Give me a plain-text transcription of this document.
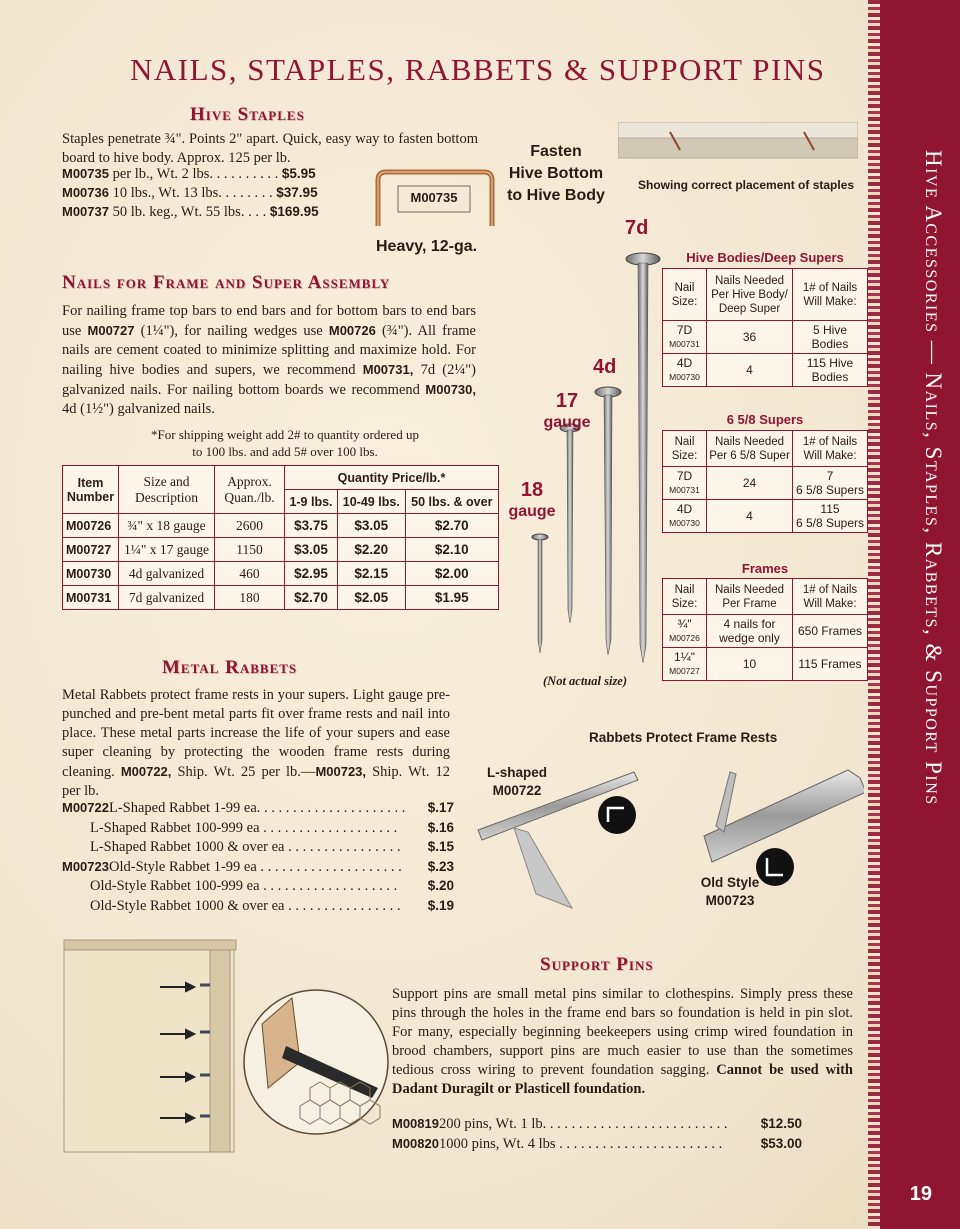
Hive Accessories — Nails, Staples, Rabbets, & Support Pins
19
NAILS, STAPLES, RABBETS & SUPPORT PINS
Hive Staples
Staples penetrate ¾". Points 2" apart. Quick, easy way to fasten bottom board to hive body. Approx. 125 per lb.
M00735 per lb., Wt. 2 lbs. . . . . . . . . . $5.95
M00736 10 lbs., Wt. 13 lbs. . . . . . . . $37.95
M00737 50 lb. keg., Wt. 55 lbs. . . . $169.95
M00735
Heavy, 12-ga.
Fasten
Hive Bottom
to Hive Body
Showing correct placement of staples
Nails for Frame and Super Assembly
For nailing frame top bars to end bars and for bottom bars to end bars use M00727 (1¼"), for nailing wedges use M00726 (¾"). All frame nails are cement coated to minimize splitting and maximize hold. For nailing hive bodies and supers, we recommend M00731, 7d (2¼") galvanized nails. For nailing bottom boards we recommend M00730, 4d (1½") galvanized nails.
*For shipping weight add 2# to quantity ordered up to 100 lbs. and add 5# over 100 lbs.
Item Number	Size and Description	Approx. Quan./lb.	Quantity Price/lb.*		
			1-9 lbs.	10-49 lbs.	50 lbs. & over
M00726	¾" x 18 gauge	2600	$3.75	$3.05	$2.70
M00727	1¼" x 17 gauge	1150	$3.05	$2.20	$2.10
M00730	4d galvanized	460	$2.95	$2.15	$2.00
M00731	7d galvanized	180	$2.70	$2.05	$1.95
7d
4d
17
gauge
18
gauge
(Not actual size)
Hive Bodies/Deep Supers
Nail Size:	Nails Needed Per Hive Body/ Deep Super	1# of Nails Will Make:
7D
M00731	36	5 Hive Bodies
4D
M00730	4	115 Hive Bodies
6 5/8 Supers
Nail Size:	Nails Needed Per 6 5/8 Super	1# of Nails Will Make:
7D
M00731	24	7
6 5/8 Supers
4D
M00730	4	115
6 5/8 Supers
Frames
Nail Size:	Nails Needed Per Frame	1# of Nails Will Make:
¾"
M00726	4 nails for wedge only	650 Frames
1¼"
M00727	10	115 Frames
Metal Rabbets
Metal Rabbets protect frame rests in your supers. Light gauge pre-punched and pre-bent metal parts fit over frame rests and nail into place. These metal parts increase the life of your supers and ease super cleaning by protecting the wooden frame rests during cleaning. M00722, Ship. Wt. 25 per lb.—M00723, Ship. Wt. 12 per lb.
M00722 L-Shaped Rabbet 1-99 ea. . . . . . . . . . . . . . . . . . . . .	$.17
L-Shaped Rabbet 100-999 ea . . . . . . . . . . . . . . . . . . .	$.16
L-Shaped Rabbet 1000 & over ea . . . . . . . . . . . . . . . .	$.15
M00723 Old-Style Rabbet 1-99 ea . . . . . . . . . . . . . . . . . . . .	$.23
Old-Style Rabbet 100-999 ea . . . . . . . . . . . . . . . . . . .	$.20
Old-Style Rabbet 1000 & over ea . . . . . . . . . . . . . . . .	$.19
Rabbets Protect Frame Rests
L-shaped
M00722
Old Style
M00723
Support Pins
Support pins are small metal pins similar to clothespins. Simply press these pins through the holes in the frame end bars so foundation is held in pin slot. For many, especially beginning beekeepers using crimp wired foundation in brood chambers, support pins are much easier to use than the sometimes tedious cross wiring to prevent foundation sagging. Cannot be used with Dadant Duragilt or Plasticell foundation.
M00819 200 pins, Wt. 1 lb. . . . . . . . . . . . . . . . . . . . . . . . . .	$12.50
M00820 1000 pins, Wt. 4 lbs . . . . . . . . . . . . . . . . . . . . . . .	$53.00
